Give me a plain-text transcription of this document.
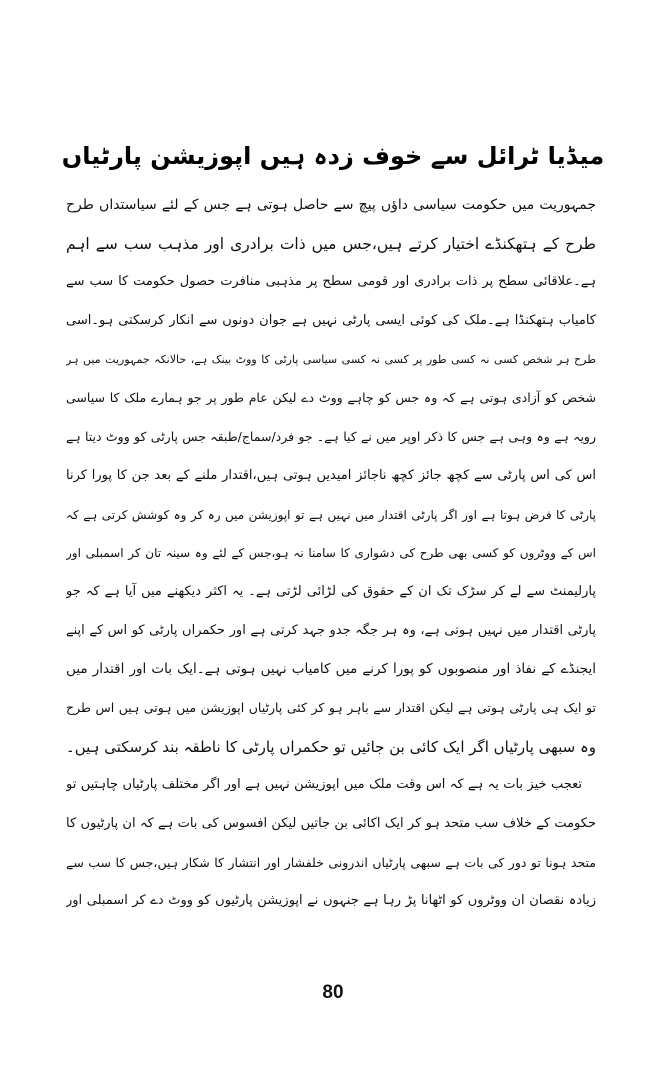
میڈیا ٹرائل سے خوف زدہ ہیں اپوزیشن پارٹیاں
جمہوریت میں حکومت سیاسی داؤں پیچ سے حاصل ہوتی ہے جس کے لئے سیاستداں طرح
طرح کے ہتھکنڈے اختیار کرتے ہیں،جس میں ذات برادری اور مذہب سب سے اہم
ہے۔علاقائی سطح پر ذات برادری اور قومی سطح پر مذہبی منافرت حصول حکومت کا سب سے
کامیاب ہتھکنڈا ہے۔ملک کی کوئی ایسی پارٹی نہیں ہے جوان دونوں سے انکار کرسکتی ہو۔اسی
طرح ہر شخص کسی نہ کسی طور پر کسی نہ کسی سیاسی پارٹی کا ووٹ بینک ہے، حالانکہ جمہوریت میں ہر
شخص کو آزادی ہوتی ہے کہ وہ جس کو چاہے ووٹ دے لیکن عام طور پر جو ہمارے ملک کا سیاسی
رویہ ہے وہ وہی ہے جس کا ذکر اوپر میں نے کیا ہے۔ جو فرد/سماج/طبقہ جس پارٹی کو ووٹ دیتا ہے
اس کی اس پارٹی سے کچھ جائز کچھ ناجائز امیدیں ہوتی ہیں،اقتدار ملنے کے بعد جن کا پورا کرنا
پارٹی کا فرض ہوتا ہے اور اگر پارٹی اقتدار میں نہیں ہے تو اپوزیشن میں رہ کر وہ کوشش کرتی ہے کہ
اس کے ووٹروں کو کسی بھی طرح کی دشواری کا سامنا نہ ہو،جس کے لئے وہ سینہ تان کر اسمبلی اور
پارلیمنٹ سے لے کر سڑک تک ان کے حقوق کی لڑائی لڑتی ہے۔ یہ اکثر دیکھنے میں آیا ہے کہ جو
پارٹی اقتدار میں نہیں ہوتی ہے، وہ ہر جگہ جدو جہد کرتی ہے اور حکمراں پارٹی کو اس کے اپنے
ایجنڈے کے نفاذ اور منصوبوں کو پورا کرنے میں کامیاب نہیں ہوتی ہے۔ایک بات اور اقتدار میں
تو ایک ہی پارٹی ہوتی ہے لیکن اقتدار سے باہر ہو کر کئی پارٹیاں اپوزیشن میں ہوتی ہیں اس طرح
وہ سبھی پارٹیاں اگر ایک کائی بن جائیں تو حکمراں پارٹی کا ناطقہ بند کرسکتی ہیں۔
تعجب خیز بات یہ ہے کہ اس وقت ملک میں اپوزیشن نہیں ہے اور اگر مختلف پارٹیاں چاہتیں تو
حکومت کے خلاف سب متحد ہو کر ایک اکائی بن جاتیں لیکن افسوس کی بات ہے کہ ان پارٹیوں کا
متحد ہونا تو دور کی بات ہے سبھی پارٹیاں اندرونی خلفشار اور انتشار کا شکار ہیں،جس کا سب سے
زیادہ نقصان ان ووٹروں کو اٹھانا پڑ رہا ہے جنہوں نے اپوزیشن پارٹیوں کو ووٹ دے کر اسمبلی اور
80
